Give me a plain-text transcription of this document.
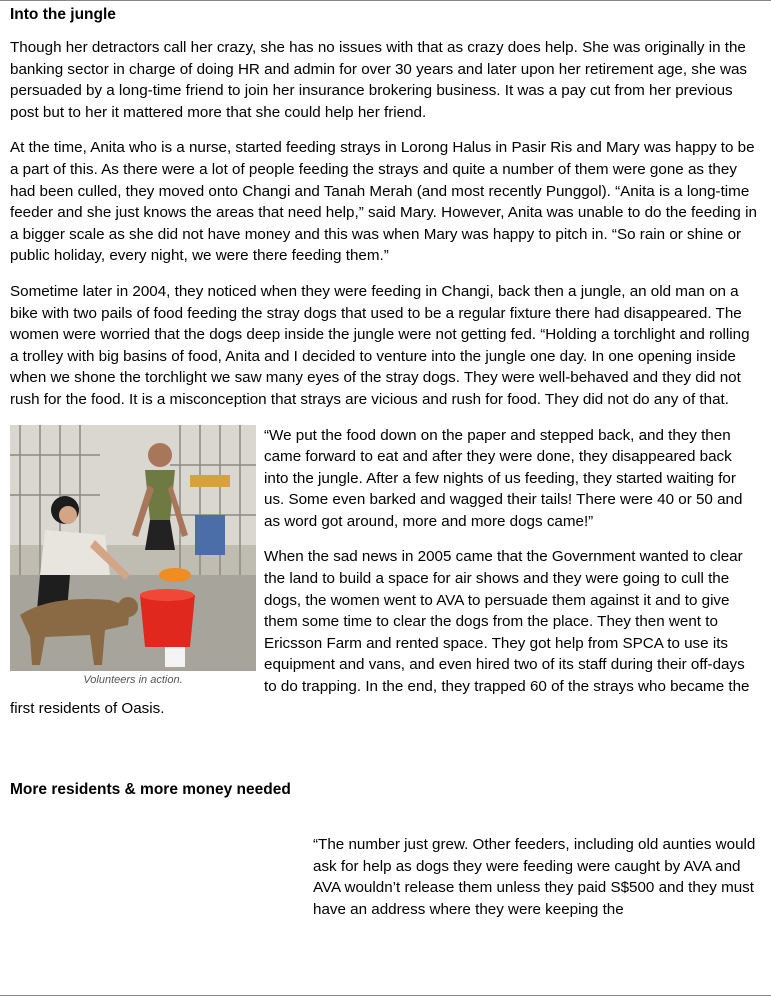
Into the jungle

Though her detractors call her crazy, she has no issues with that as crazy does help. She was originally in the banking sector in charge of doing HR and admin for over 30 years and later upon her retirement age, she was persuaded by a long-time friend to join her insurance brokering business. It was a pay cut from her previous post but to her it mattered more that she could help her friend.

At the time, Anita who is a nurse, started feeding strays in Lorong Halus in Pasir Ris and Mary was happy to be a part of this. As there were a lot of people feeding the strays and quite a number of them were gone as they had been culled, they moved onto Changi and Tanah Merah (and most recently Punggol). “Anita is a long-time feeder and she just knows the areas that need help,” said Mary. However, Anita was unable to do the feeding in a bigger scale as she did not have money and this was when Mary was happy to pitch in. “So rain or shine or public holiday, every night, we were there feeding them.”

Sometime later in 2004, they noticed when they were feeding in Changi, back then a jungle, an old man on a bike with two pails of food feeding the stray dogs that used to be a regular fixture there had disappeared. The women were worried that the dogs deep inside the jungle were not getting fed. “Holding a torchlight and rolling a trolley with big basins of food, Anita and I decided to venture into the jungle one day. In one opening inside when we shone the torchlight we saw many eyes of the stray dogs. They were well-behaved and they did not rush for the food. It is a misconception that strays are vicious and rush for food. They did not do any of that.

Volunteers in action.

“We put the food down on the paper and stepped back, and they then came forward to eat and after they were done, they disappeared back into the jungle. After a few nights of us feeding, they started waiting for us. Some even barked and wagged their tails! There were 40 or 50 and as word got around, more and more dogs came!”

When the sad news in 2005 came that the Government wanted to clear the land to build a space for air shows and they were going to cull the dogs, the women went to AVA to persuade them against it and to give them some time to clear the dogs from the place. They then went to Ericsson Farm and rented space. They got help from SPCA to use its equipment and vans, and even hired two of its staff during their off-days to do trapping. In the end, they trapped 60 of the strays who became the first residents of Oasis.

More residents & more money needed

“The number just grew. Other feeders, including old aunties would ask for help as dogs they were feeding were caught by AVA and AVA wouldn’t release them unless they paid S$500 and they must have an address where they were keeping the
